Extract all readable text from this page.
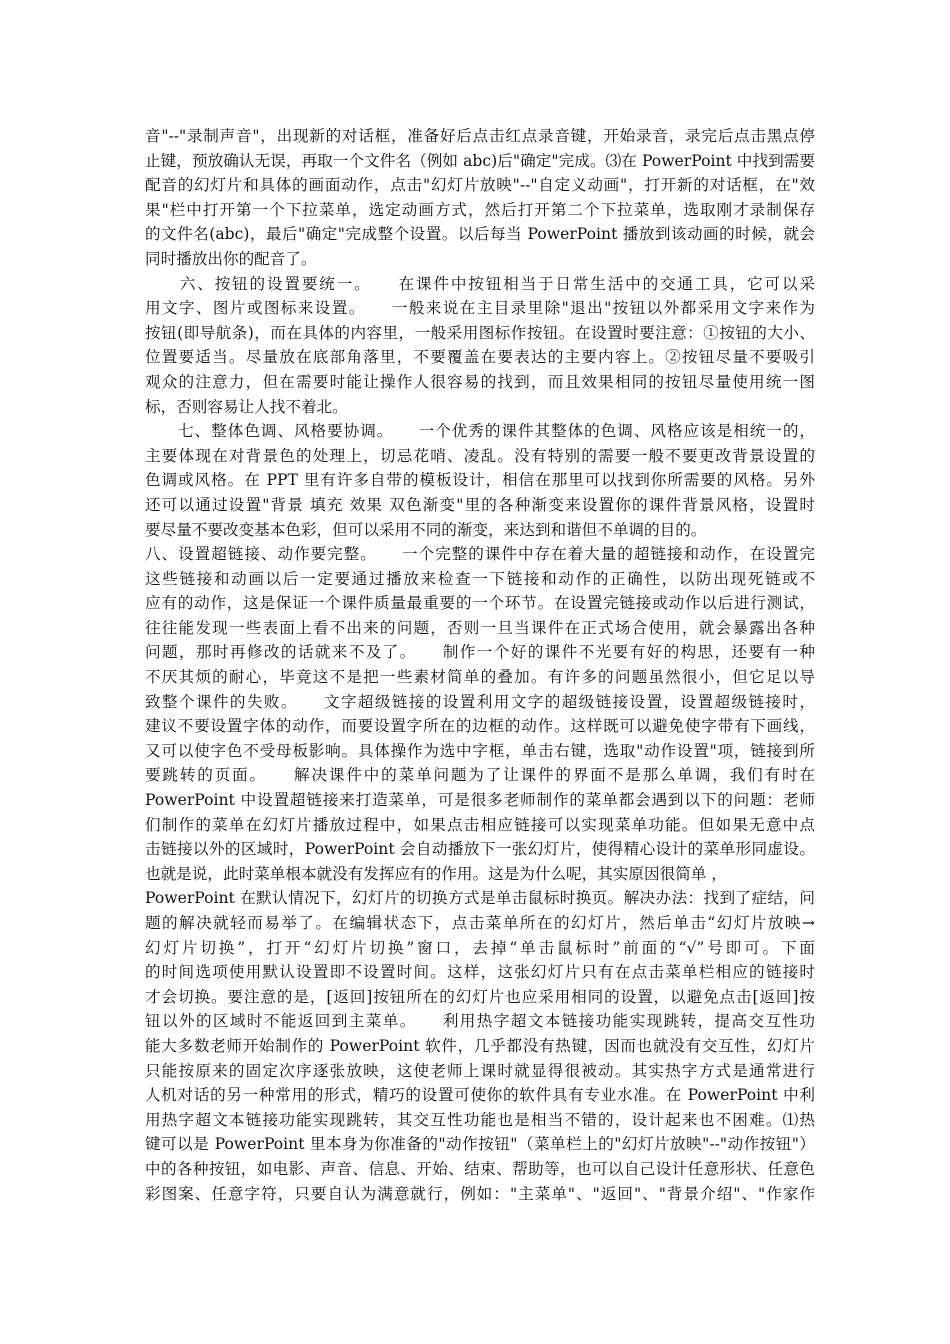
音"--"录制声音"，出现新的对话框，准备好后点击红点录音键，开始录音，录完后点击黑点停
止键，预放确认无误，再取一个文件名（例如 abc)后"确定"完成。⑶在 PowerPoint 中找到需要
配音的幻灯片和具体的画面动作，点击"幻灯片放映"--"自定义动画"，打开新的对话框，在"效
果"栏中打开第一个下拉菜单，选定动画方式，然后打开第二个下拉菜单，选取刚才录制保存
的文件名(abc)，最后"确定"完成整个设置。以后每当 PowerPoint 播放到该动画的时候，就会
同时播放出你的配音了。
　　六、按钮的设置要统一。　　在课件中按钮相当于日常生活中的交通工具，它可以采
用文字、图片或图标来设置。　　一般来说在主目录里除"退出"按钮以外都采用文字来作为
按钮(即导航条)，而在具体的内容里，一般采用图标作按钮。在设置时要注意：①按钮的大小、
位置要适当。尽量放在底部角落里，不要覆盖在要表达的主要内容上。②按钮尽量不要吸引
观众的注意力，但在需要时能让操作人很容易的找到，而且效果相同的按钮尽量使用统一图
标，否则容易让人找不着北。
　　七、整体色调、风格要协调。　　一个优秀的课件其整体的色调、风格应该是相统一的，
主要体现在对背景色的处理上，切忌花哨、凌乱。没有特别的需要一般不要更改背景设置的
色调或风格。在 PPT 里有许多自带的模板设计，相信在那里可以找到你所需要的风格。另外
还可以通过设置"背景 填充 效果 双色渐变"里的各种渐变来设置你的课件背景风格，设置时
要尽量不要改变基本色彩，但可以采用不同的渐变，来达到和谐但不单调的目的。
八、设置超链接、动作要完整。　　一个完整的课件中存在着大量的超链接和动作，在设置完
这些链接和动画以后一定要通过播放来检查一下链接和动作的正确性，以防出现死链或不
应有的动作，这是保证一个课件质量最重要的一个环节。在设置完链接或动作以后进行测试，
往往能发现一些表面上看不出来的问题，否则一旦当课件在正式场合使用，就会暴露出各种
问题，那时再修改的话就来不及了。　　制作一个好的课件不光要有好的构思，还要有一种
不厌其烦的耐心，毕竟这不是把一些素材简单的叠加。有许多的问题虽然很小，但它足以导
致整个课件的失败。　　文字超级链接的设置利用文字的超级链接设置，设置超级链接时，
建议不要设置字体的动作，而要设置字所在的边框的动作。这样既可以避免使字带有下画线，
又可以使字色不受母板影响。具体操作为选中字框，单击右键，选取"动作设置"项，链接到所
要跳转的页面。　　解决课件中的菜单问题为了让课件的界面不是那么单调，我们有时在
PowerPoint 中设置超链接来打造菜单，可是很多老师制作的菜单都会遇到以下的问题：老师
们制作的菜单在幻灯片播放过程中，如果点击相应链接可以实现菜单功能。但如果无意中点
击链接以外的区域时，PowerPoint 会自动播放下一张幻灯片，使得精心设计的菜单形同虚设。
也就是说，此时菜单根本就没有发挥应有的作用。这是为什么呢，其实原因很简单 ，
PowerPoint 在默认情况下，幻灯片的切换方式是单击鼠标时换页。解决办法：找到了症结，问
题的解决就轻而易举了。在编辑状态下，点击菜单所在的幻灯片，然后单击“幻灯片放映→
幻灯片切换”，打开“幻灯片切换”窗口，去掉“单击鼠标时”前面的“√”号即可。下面
的时间选项使用默认设置即不设置时间。这样，这张幻灯片只有在点击菜单栏相应的链接时
才会切换。要注意的是，[返回]按钮所在的幻灯片也应采用相同的设置，以避免点击[返回]按
钮以外的区域时不能返回到主菜单。　　利用热字超文本链接功能实现跳转，提高交互性功
能大多数老师开始制作的 PowerPoint 软件，几乎都没有热键，因而也就没有交互性，幻灯片
只能按原来的固定次序逐张放映，这使老师上课时就显得很被动。其实热字方式是通常进行
人机对话的另一种常用的形式，精巧的设置可使你的软件具有专业水准。在 PowerPoint 中利
用热字超文本链接功能实现跳转，其交互性功能也是相当不错的，设计起来也不困难。⑴热
键可以是 PowerPoint 里本身为你准备的"动作按钮"（菜单栏上的"幻灯片放映"--"动作按钮"）
中的各种按钮，如电影、声音、信息、开始、结束、帮助等，也可以自己设计任意形状、任意色
彩图案、任意字符，只要自认为满意就行，例如："主菜单"、"返回"、"背景介绍"、"作家作
